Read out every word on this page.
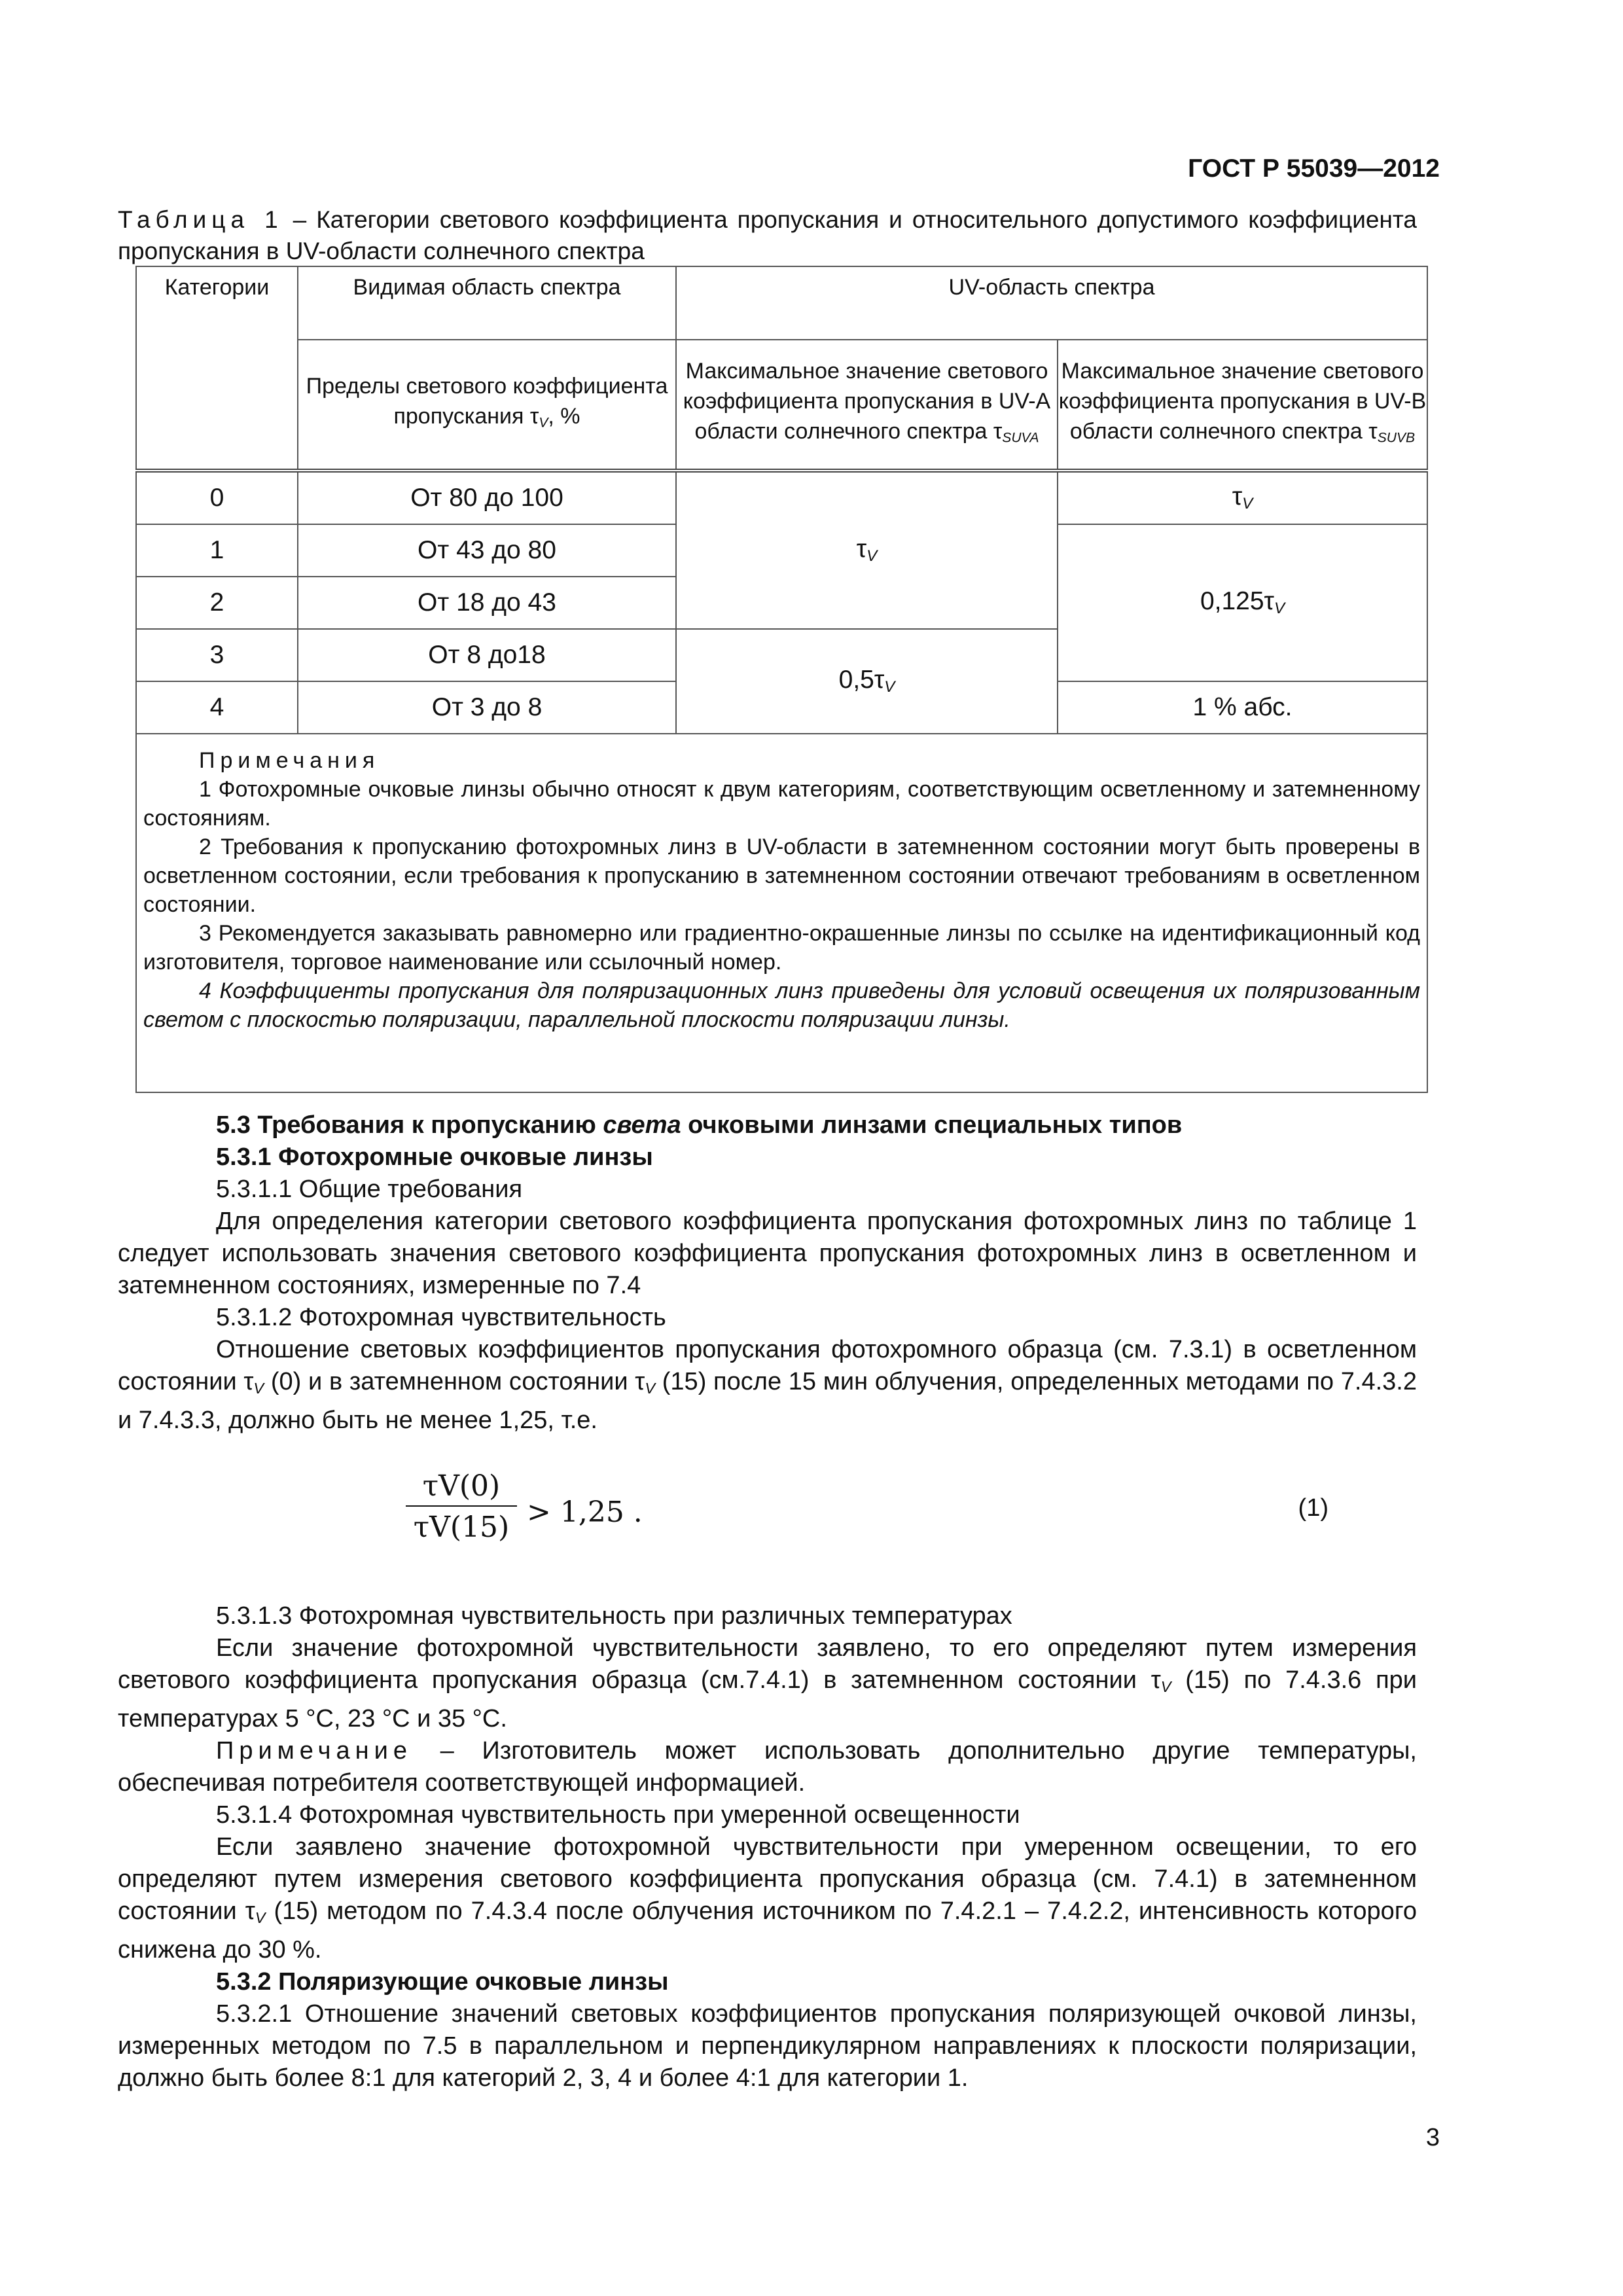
ГОСТ Р 55039—2012
Таблица 1 – Категории светового коэффициента пропускания и относительного допустимого коэффициента пропускания в UV-области солнечного спектра
Категории	Видимая область спектра	UV-область спектра	
	Пределы светового коэффициента пропускания $\tau_V$, %	Максимальное значение светового коэффициента пропускания в UV-A области солнечного спектра $\tau_{SUVA}$	Максимальное значение светового коэффициента пропускания в UV-B области солнечного спектра $\tau_{SUVB}$
0	От 80 до 100	$\tau_V$	$\tau_V$
1	От 43 до 80		$0,125\tau_V$
2	От 18 до 43		
3	От 8 до18	$0,5\tau_V$
4	От 3 до 8		1 % абс.

Примечания

1 Фотохромные очковые линзы обычно относят к двум категориям, соответствующим осветленному и затемненному состояниям.

2 Требования к пропусканию фотохромных линз в UV-области в затемненном состоянии могут быть проверены в осветленном состоянии, если требования к пропусканию в затемненном состоянии отвечают требованиям в осветленном состоянии.

3 Рекомендуется заказывать равномерно или градиентно-окрашенные линзы по ссылке на идентификационный код изготовителя, торговое наименование или ссылочный номер.

4 Коэффициенты пропускания для поляризационных линз приведены для условий освещения их поляризованным светом с плоскостью поляризации, параллельной плоскости поляризации линзы.			

5.3 Требования к пропусканию света очковыми линзами специальных типов

5.3.1 Фотохромные очковые линзы

5.3.1.1 Общие требования

Для определения категории светового коэффициента пропускания фотохромных линз по таблице 1 следует использовать значения светового коэффициента пропускания фотохромных линз в осветленном и затемненном состояниях, измеренные по 7.4

5.3.1.2 Фотохромная чувствительность

Отношение световых коэффициентов пропускания фотохромного образца (см. 7.3.1) в осветленном состоянии $\tau_V$ (0) и в затемненном состоянии $\tau_V$ (15) после 15 мин облучения, определенных методами по 7.4.3.2 и 7.4.3.3, должно быть не менее 1,25, т.е.

$\frac{\tau V(0)}{\tau V(15)} > 1,25$ .	(1)

5.3.1.3 Фотохромная чувствительность при различных температурах

Если значение фотохромной чувствительности заявлено, то его определяют путем измерения светового коэффициента пропускания образца (см.7.4.1) в затемненном состоянии $\tau_V$ (15) по 7.4.3.6 при температурах 5 °С, 23 °С и 35 °С.

Примечание – Изготовитель может использовать дополнительно другие температуры, обеспечивая потребителя соответствующей информацией.

5.3.1.4 Фотохромная чувствительность при умеренной освещенности

Если заявлено значение фотохромной чувствительности при умеренном освещении, то его определяют путем измерения светового коэффициента пропускания образца (см. 7.4.1) в затемненном состоянии $\tau_V$ (15) методом по 7.4.3.4 после облучения источником по 7.4.2.1 – 7.4.2.2, интенсивность которого снижена до 30 %.

5.3.2 Поляризующие очковые линзы

5.3.2.1 Отношение значений световых коэффициентов пропускания поляризующей очковой линзы, измеренных методом по 7.5 в параллельном и перпендикулярном направлениях к плоскости поляризации, должно быть более 8:1 для категорий 2, 3, 4 и более 4:1 для категории 1.

3
